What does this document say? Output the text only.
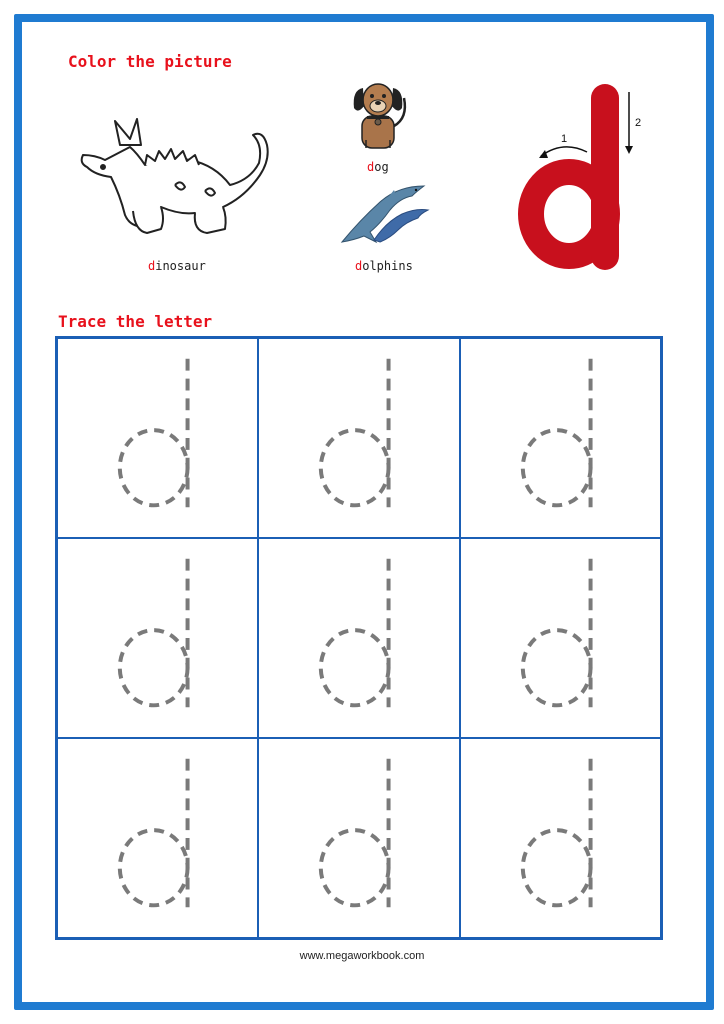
Color the picture
dinosaur
dog
dolphins
1
2
Trace the letter
www.megaworkbook.com
